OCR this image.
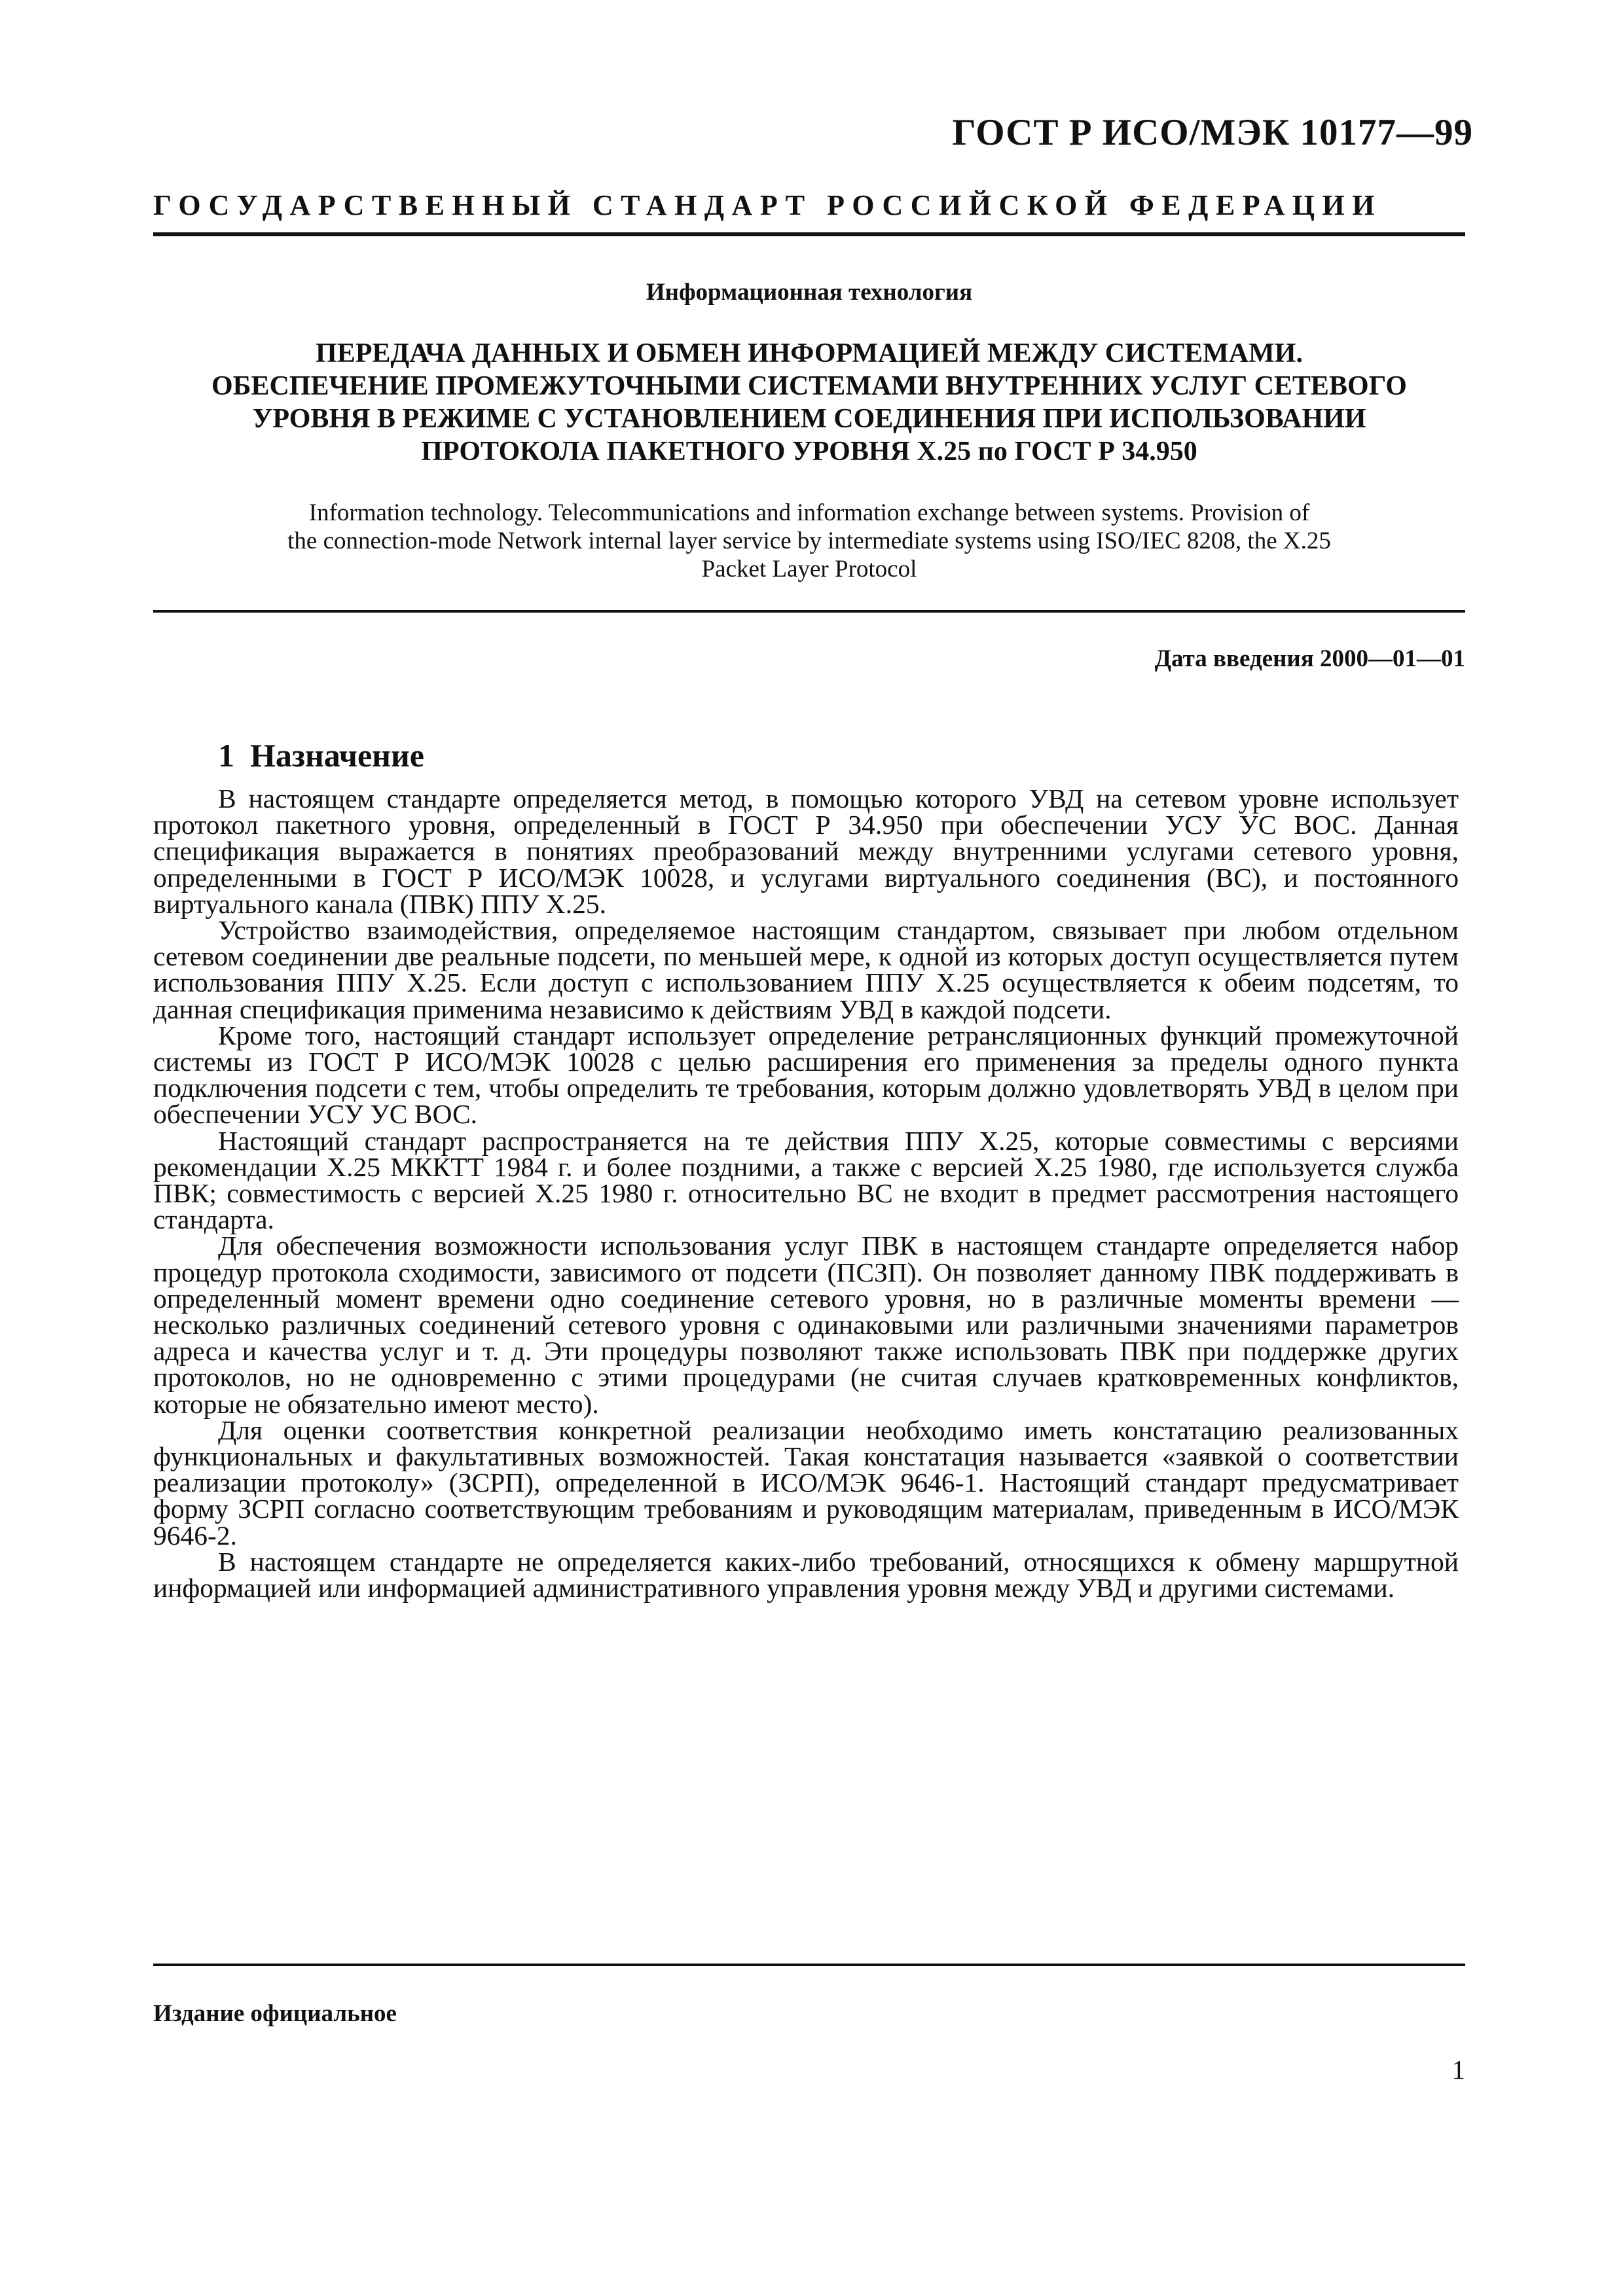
ГОСТ Р ИСО/МЭК 10177—99
ГОСУДАРСТВЕННЫЙ СТАНДАРТ РОССИЙСКОЙ ФЕДЕРАЦИИ
Информационная технология
ПЕРЕДАЧА ДАННЫХ И ОБМЕН ИНФОРМАЦИЕЙ МЕЖДУ СИСТЕМАМИ.
ОБЕСПЕЧЕНИЕ ПРОМЕЖУТОЧНЫМИ СИСТЕМАМИ ВНУТРЕННИХ УСЛУГ СЕТЕВОГО
УРОВНЯ В РЕЖИМЕ С УСТАНОВЛЕНИЕМ СОЕДИНЕНИЯ ПРИ ИСПОЛЬЗОВАНИИ
ПРОТОКОЛА ПАКЕТНОГО УРОВНЯ X.25 по ГОСТ Р 34.950
Information technology. Telecommunications and information exchange between systems. Provision of
the connection-mode Network internal layer service by intermediate systems using ISO/IEC 8208, the X.25
Packet Layer Protocol
Дата введения 2000—01—01
1 Назначение

В настоящем стандарте определяется метод, в помощью которого УВД на сетевом уровне использует протокол пакетного уровня, определенный в ГОСТ Р 34.950 при обеспечении УСУ УС ВОС. Данная спецификация выражается в понятиях преобразований между внутренними услугами сетевого уровня, определенными в ГОСТ Р ИСО/МЭК 10028, и услугами виртуального соединения (ВС), и постоянного виртуального канала (ПВК) ППУ X.25.

Устройство взаимодействия, определяемое настоящим стандартом, связывает при любом отдельном сетевом соединении две реальные подсети, по меньшей мере, к одной из которых доступ осуществляется путем использования ППУ X.25. Если доступ с использованием ППУ X.25 осуществляется к обеим подсетям, то данная спецификация применима независимо к действиям УВД в каждой подсети.

Кроме того, настоящий стандарт использует определение ретрансляционных функций промежуточной системы из ГОСТ Р ИСО/МЭК 10028 с целью расширения его применения за пределы одного пункта подключения подсети с тем, чтобы определить те требования, которым должно удовлетворять УВД в целом при обеспечении УСУ УС ВОС.

Настоящий стандарт распространяется на те действия ППУ X.25, которые совместимы с версиями рекомендации X.25 МККТТ 1984 г. и более поздними, а также с версией X.25 1980, где используется служба ПВК; совместимость с версией X.25 1980 г. относительно ВС не входит в предмет рассмотрения настоящего стандарта.

Для обеспечения возможности использования услуг ПВК в настоящем стандарте определяется набор процедур протокола сходимости, зависимого от подсети (ПСЗП). Он позволяет данному ПВК поддерживать в определенный момент времени одно соединение сетевого уровня, но в различные моменты времени — несколько различных соединений сетевого уровня с одинаковыми или различными значениями параметров адреса и качества услуг и т. д. Эти процедуры позволяют также использовать ПВК при поддержке других протоколов, но не одновременно с этими процедурами (не считая случаев кратковременных конфликтов, которые не обязательно имеют место).

Для оценки соответствия конкретной реализации необходимо иметь констатацию реализованных функциональных и факультативных возможностей. Такая констатация называется «заявкой о соответствии реализации протоколу» (ЗСРП), определенной в ИСО/МЭК 9646-1. Настоящий стандарт предусматривает форму ЗСРП согласно соответствующим требованиям и руководящим материалам, приведенным в ИСО/МЭК 9646-2.

В настоящем стандарте не определяется каких-либо требований, относящихся к обмену маршрутной информацией или информацией административного управления уровня между УВД и другими системами.

Издание официальное
1
